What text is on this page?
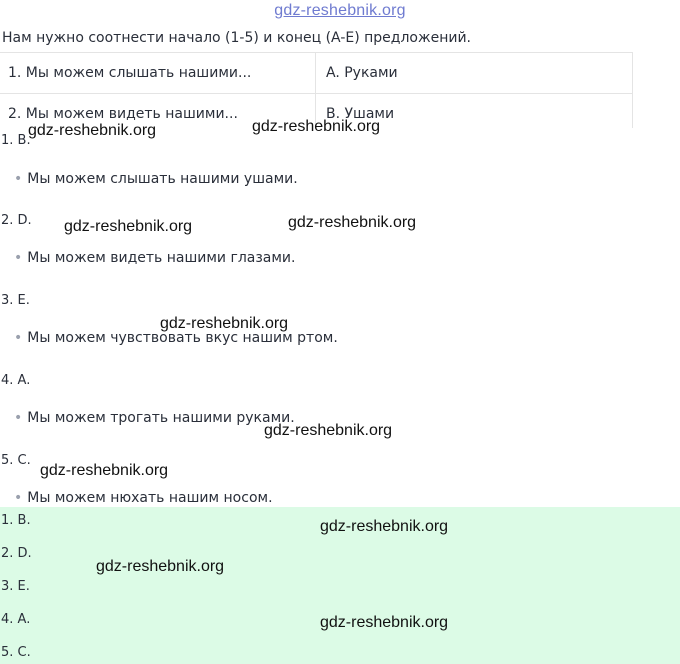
gdz-reshebnik.org
Нам нужно соотнести начало (1-5) и конец (A-E) предложений.
1. Мы можем слышать нашими...	A. Руками
2. Мы можем видеть нашими...	B. Ушами
1. B.
• Мы можем слышать нашими ушами.
2. D.
• Мы можем видеть нашими глазами.
3. E.
• Мы можем чувствовать вкус нашим ртом.
4. A.
• Мы можем трогать нашими руками.
5. C.
• Мы можем нюхать нашим носом.
1. B.
2. D.
3. E.
4. A.
5. C.
gdz-reshebnik.org	gdz-reshebnik.org
gdz-reshebnik.org	gdz-reshebnik.org
gdz-reshebnik.org
gdz-reshebnik.org
gdz-reshebnik.org
gdz-reshebnik.org
gdz-reshebnik.org
gdz-reshebnik.org
